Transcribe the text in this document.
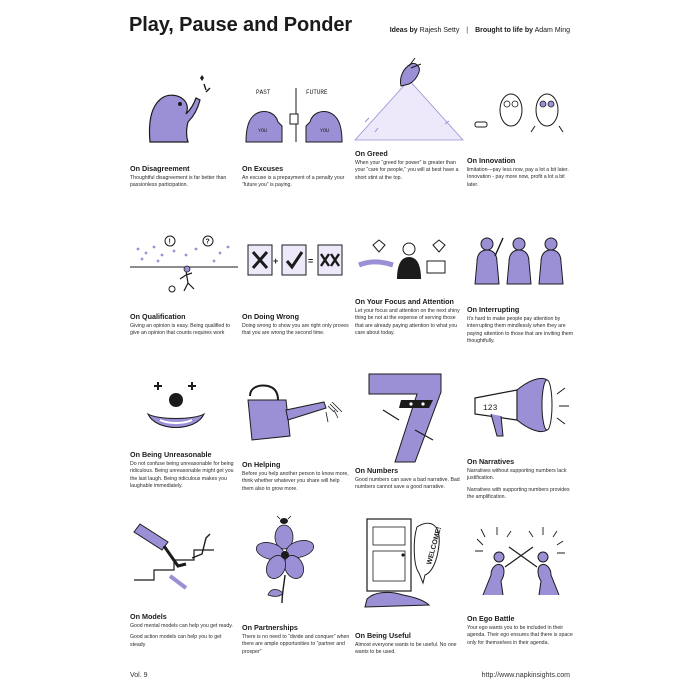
Play, Pause and Ponder	Ideas by Rajesh Setty | Brought to life by Adam Ming
On Disagreement

Thoughtful disagreement is far better than passionless participation.

PAST	FUTURE
YOU	YOU
On Excuses

An excuse is a prepayment of a penalty your “future you” is paying.

On Greed

When your “greed for power” is greater than your “care for people,” you will at best have a short stint at the top.

On Innovation

limitation—pay less now, pay a lot a bit later. Innovation - pay more now, profit a lot a bit later.

!	?
On Qualification

Giving an opinion is easy. Being qualified to give an opinion that counts requires work

+	=
On Doing Wrong

Doing wrong to show you are right only proves that you are wrong the second time.

On Your Focus and Attention

Let your focus and attention on the next shiny thing be not at the expense of serving those that are already paying attention to what you care about today.

On Interrupting

It's hard to make people pay attention by interrupting them mindlessly when they are paying attention to those that are inviting them thoughtfully.

On Being Unreasonable

Do not confuse being unreasonable for being ridiculous. Being unreasonable might get you the last laugh. Being ridiculous makes you laughable immediately.

On Helping

Before you help another person to know more, think whether whatever you share will help them also to grow more.

On Numbers

Good numbers can save a bad narrative. Bad numbers cannot save a good narrative.

123
On Narratives

Narratives without supporting numbers lack justification.

Narratives with supporting numbers provides the amplification.

On Models

Good mental models can help you get ready.

Good action models can help you to get steady

On Partnerships

There is no need to “divide and conquer” when there are ample opportunities to “partner and prosper”

WELCOME!
On Being Useful

Almost everyone wants to be useful. No one wants to be used.

On Ego Battle

Your ego wants you to be included in their agenda. Their ego ensures that there is space only for themselves in their agenda.

Vol. 9	http://www.napkinsights.com
